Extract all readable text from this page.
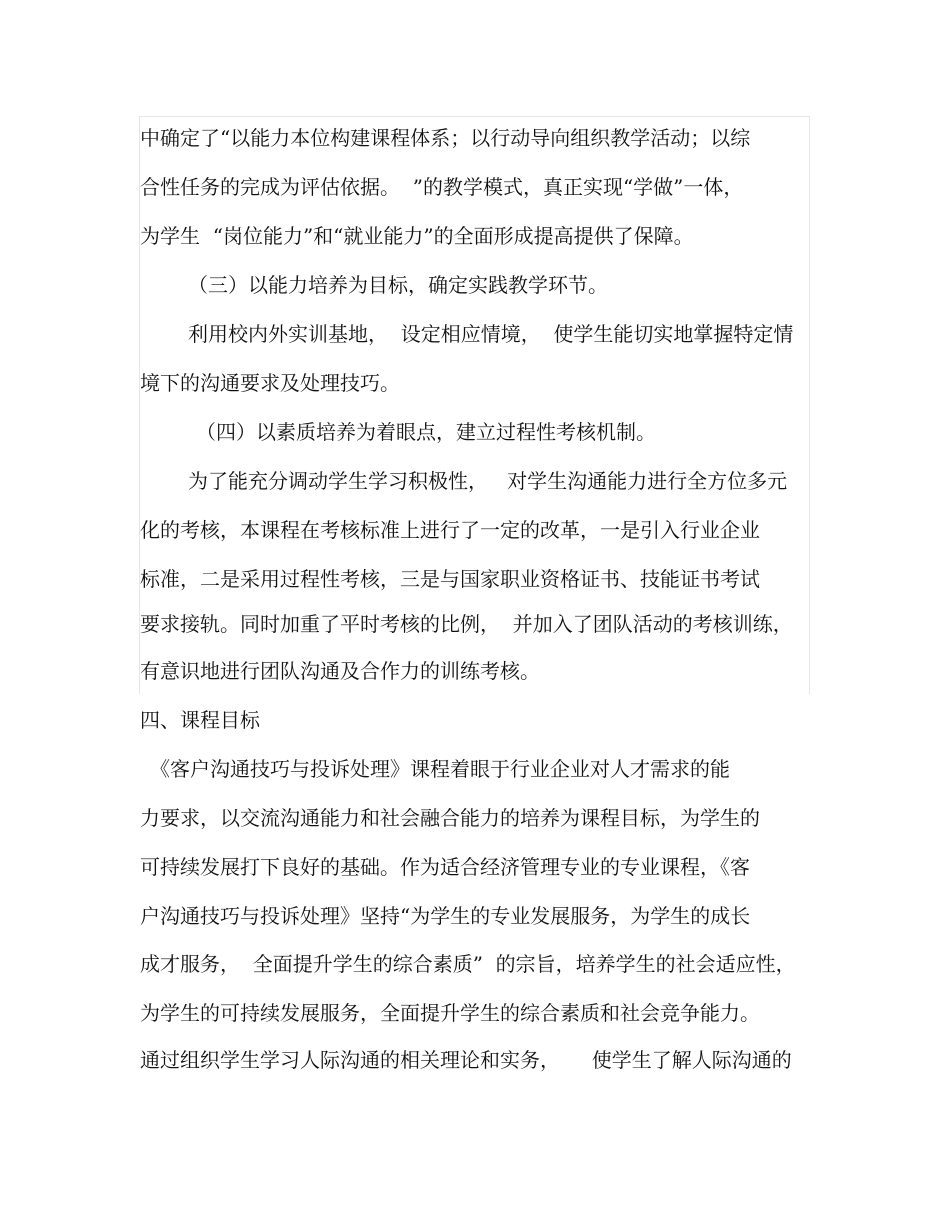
中确定了“以能力本位构建课程体系；以行动导向组织教学活动；以综
合性任务的完成为评估依据。  ”的教学模式，真正实现“学做”一体，
为学生  “岗位能力”和“就业能力”的全面形成提高提供了保障。
（三）以能力培养为目标，确定实践教学环节。
利用校内外实训基地，  设定相应情境，  使学生能切实地掌握特定情
境下的沟通要求及处理技巧。
（四）以素质培养为着眼点，建立过程性考核机制。
为了能充分调动学生学习积极性，   对学生沟通能力进行全方位多元
化的考核，本课程在考核标准上进行了一定的改革，一是引入行业企业
标准，二是采用过程性考核，三是与国家职业资格证书、技能证书考试
要求接轨。同时加重了平时考核的比例，  并加入了团队活动的考核训练，
有意识地进行团队沟通及合作力的训练考核。
四、课程目标
《客户沟通技巧与投诉处理》课程着眼于行业企业对人才需求的能
力要求，以交流沟通能力和社会融合能力的培养为课程目标，为学生的
可持续发展打下良好的基础。作为适合经济管理专业的专业课程，《客
户沟通技巧与投诉处理》坚持“为学生的专业发展服务，为学生的成长
成才服务，  全面提升学生的综合素质”  的宗旨，培养学生的社会适应性，
为学生的可持续发展服务，全面提升学生的综合素质和社会竞争能力。
通过组织学生学习人际沟通的相关理论和实务，     使学生了解人际沟通的
